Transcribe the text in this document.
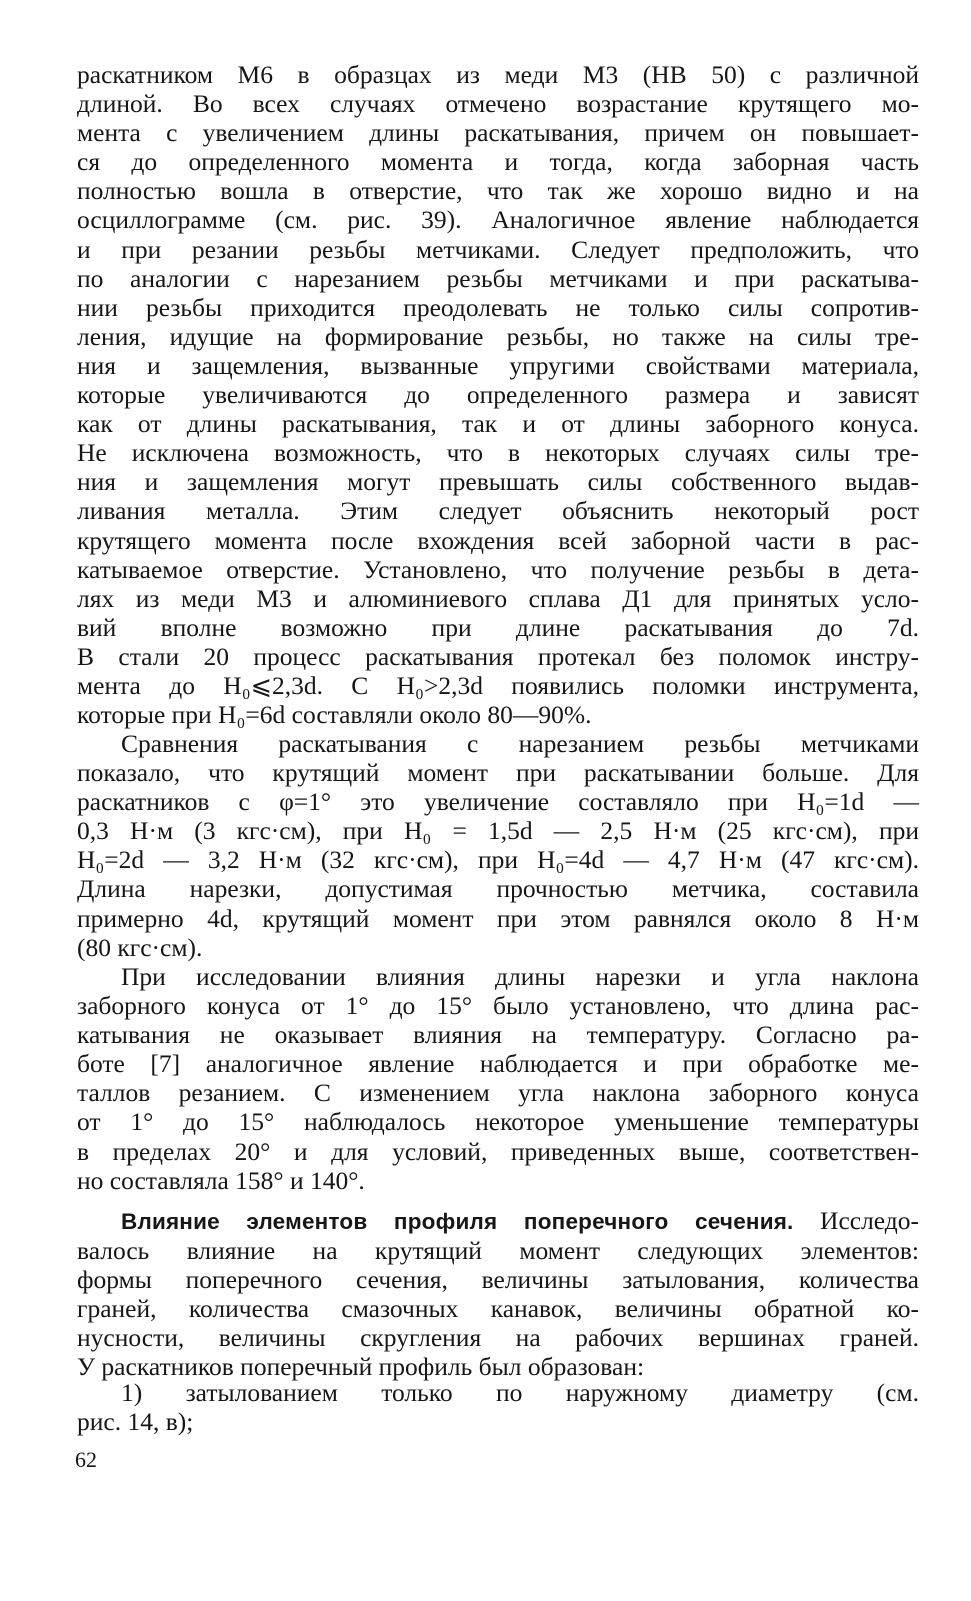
раскатником М6 в образцах из меди М3 (HB 50) с различной
длиной. Во всех случаях отмечено возрастание крутящего мо-
мента с увеличением длины раскатывания, причем он повышает-
ся до определенного момента и тогда, когда заборная часть
полностью вошла в отверстие, что так же хорошо видно и на
осциллограмме (см. рис. 39). Аналогичное явление наблюдается
и при резании резьбы метчиками. Следует предположить, что
по аналогии с нарезанием резьбы метчиками и при раскатыва-
нии резьбы приходится преодолевать не только силы сопротив-
ления, идущие на формирование резьбы, но также на силы тре-
ния и защемления, вызванные упругими свойствами материала,
которые увеличиваются до определенного размера и зависят
как от длины раскатывания, так и от длины заборного конуса.
Не исключена возможность, что в некоторых случаях силы тре-
ния и защемления могут превышать силы собственного выдав-
ливания металла. Этим следует объяснить некоторый рост
крутящего момента после вхождения всей заборной части в рас-
катываемое отверстие. Установлено, что получение резьбы в дета-
лях из меди М3 и алюминиевого сплава Д1 для принятых усло-
вий вполне возможно при длине раскатывания до 7d.
В стали 20 процесс раскатывания протекал без поломок инстру-
мента до H₀⩽2,3d. С H₀>2,3d появились поломки инструмента,
которые при H₀=6d составляли около 80—90%.
Сравнения раскатывания с нарезанием резьбы метчиками
показало, что крутящий момент при раскатывании больше. Для
раскатников с φ=1° это увеличение составляло при H₀=1d —
0,3 Н·м (3 кгс·см), при H₀ = 1,5d — 2,5 Н·м (25 кгс·см), при
H₀=2d — 3,2 Н·м (32 кгс·см), при H₀=4d — 4,7 Н·м (47 кгс·см).
Длина нарезки, допустимая прочностью метчика, составила
примерно 4d, крутящий момент при этом равнялся около 8 Н·м
(80 кгс·см).
При исследовании влияния длины нарезки и угла наклона
заборного конуса от 1° до 15° было установлено, что длина рас-
катывания не оказывает влияния на температуру. Согласно ра-
боте [7] аналогичное явление наблюдается и при обработке ме-
таллов резанием. С изменением угла наклона заборного конуса
от 1° до 15° наблюдалось некоторое уменьшение температуры
в пределах 20° и для условий, приведенных выше, соответствен-
но составляла 158° и 140°.
Влияние элементов профиля поперечного сечения. Исследо-
валось влияние на крутящий момент следующих элементов:
формы поперечного сечения, величины затылования, количества
граней, количества смазочных канавок, величины обратной ко-
нусности, величины скругления на рабочих вершинах граней.
У раскатников поперечный профиль был образован:
1) затылованием только по наружному диаметру (см.
рис. 14, в);
62
